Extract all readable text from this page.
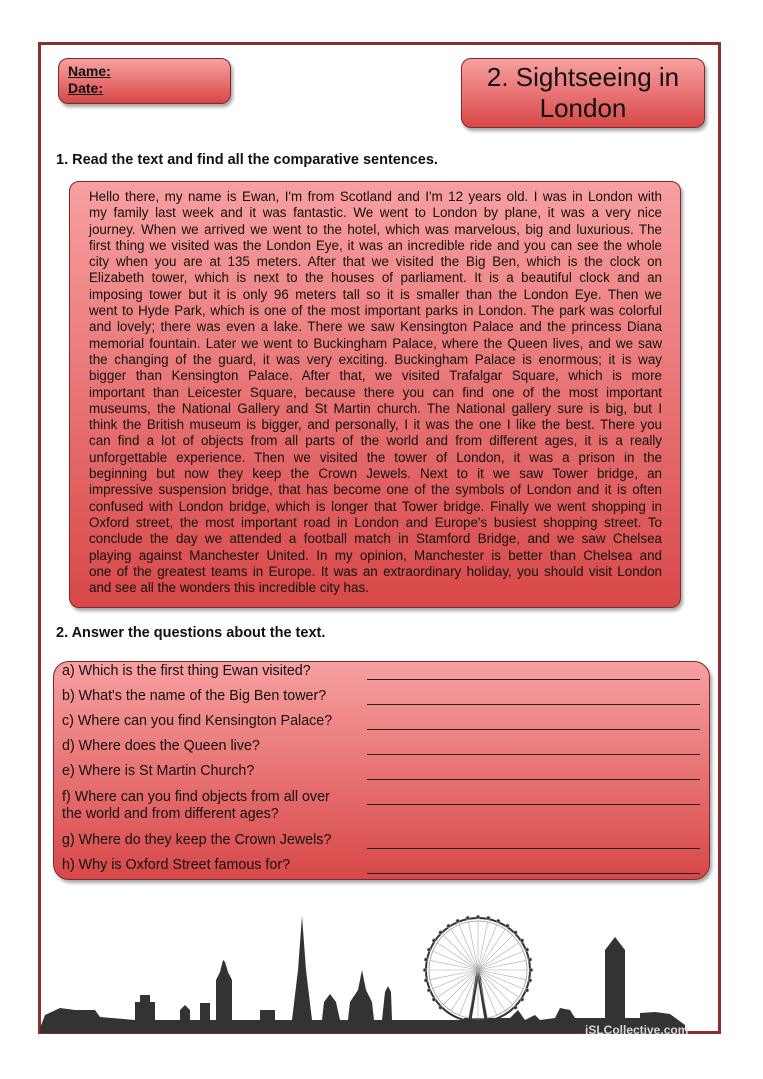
Name:
Date:	2. Sightseeing in
London
1. Read the text and find all the comparative sentences.
Hello there, my name is Ewan, I'm from Scotland and I'm 12 years old. I was in London with
my family last week and it was fantastic. We went to London by plane, it was a very nice
journey. When we arrived we went to the hotel, which was marvelous, big and luxurious. The
first thing we visited was the London Eye, it was an incredible ride and you can see the whole
city when you are at 135 meters. After that we visited the Big Ben, which is the clock on
Elizabeth tower, which is next to the houses of parliament. It is a beautiful clock and an
imposing tower but it is only 96 meters tall so it is smaller than the London Eye. Then we
went to Hyde Park, which is one of the most important parks in London. The park was colorful
and lovely; there was even a lake. There we saw Kensington Palace and the princess Diana
memorial fountain. Later we went to Buckingham Palace, where the Queen lives, and we saw
the changing of the guard, it was very exciting. Buckingham Palace is enormous; it is way
bigger than Kensington Palace. After that, we visited Trafalgar Square, which is more
important than Leicester Square, because there you can find one of the most important
museums, the National Gallery and St Martin church. The National gallery sure is big, but I
think the British museum is bigger, and personally, I it was the one I like the best. There you
can find a lot of objects from all parts of the world and from different ages, it is a really
unforgettable experience. Then we visited the tower of London, it was a prison in the
beginning but now they keep the Crown Jewels. Next to it we saw Tower bridge, an
impressive suspension bridge, that has become one of the symbols of London and it is often
confused with London bridge, which is longer that Tower bridge. Finally we went shopping in
Oxford street, the most important road in London and Europe's busiest shopping street. To
conclude the day we attended a football match in Stamford Bridge, and we saw Chelsea
playing against Manchester United. In my opinion, Manchester is better than Chelsea and
one of the greatest teams in Europe. It was an extraordinary holiday, you should visit London
and see all the wonders this incredible city has.
2. Answer the questions about the text.
a) Which is the first thing Ewan visited?
b) What's the name of the Big Ben tower?
c) Where can you find Kensington Palace?
d) Where does the Queen live?
e) Where is St Martin Church?
f) Where can you find objects from all over
the world and from different ages?
g) Where do they keep the Crown Jewels?
h) Why is Oxford Street famous for?
iSLCollective.com
